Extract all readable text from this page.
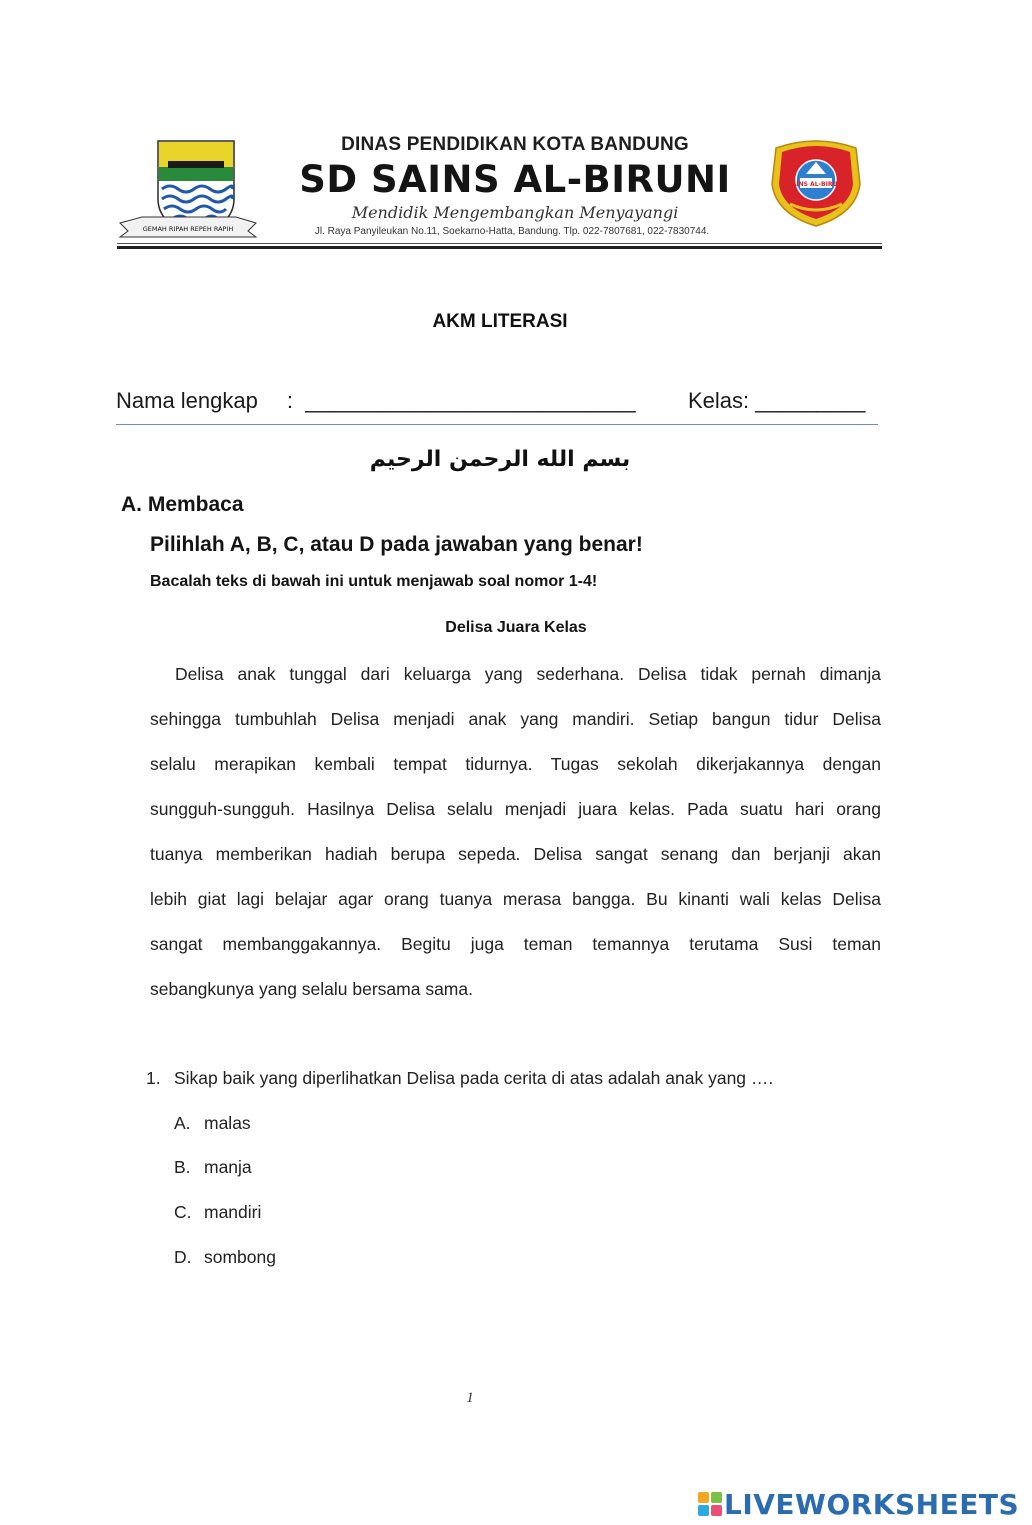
GEMAH RIPAH REPEH RAPIH
DINAS PENDIDIKAN KOTA BANDUNG
SD SAINS AL-BIRUNI
Mendidik Mengembangkan Menyayangi
Jl. Raya Panyileukan No.11, Soekarno-Hatta, Bandung. Tlp. 022-7807681, 022-7830744.
SAINS AL-BIRUNI
AKM LITERASI
Nama lengkap :  ___________________________ Kelas: _________
بسم الله الرحمن الرحيم
A. Membaca
Pilihlah A, B, C, atau D pada jawaban yang benar!
Bacalah teks di bawah ini untuk menjawab soal nomor 1-4!
Delisa Juara Kelas
Delisa anak tunggal dari keluarga yang sederhana. Delisa tidak pernah dimanja
sehingga tumbuhlah Delisa menjadi anak yang mandiri. Setiap bangun tidur Delisa
selalu merapikan kembali tempat tidurnya. Tugas sekolah dikerjakannya dengan
sungguh-sungguh. Hasilnya Delisa selalu menjadi juara kelas. Pada suatu hari orang
tuanya memberikan hadiah berupa sepeda. Delisa sangat senang dan berjanji akan
lebih giat lagi belajar agar orang tuanya merasa bangga. Bu kinanti wali kelas Delisa
sangat membanggakannya. Begitu juga teman temannya terutama Susi teman
sebangkunya yang selalu bersama sama.
1. Sikap baik yang diperlihatkan Delisa pada cerita di atas adalah anak yang ….
A. malas
B. manja
C. mandiri
D. sombong
1
LIVEWORKSHEETS
